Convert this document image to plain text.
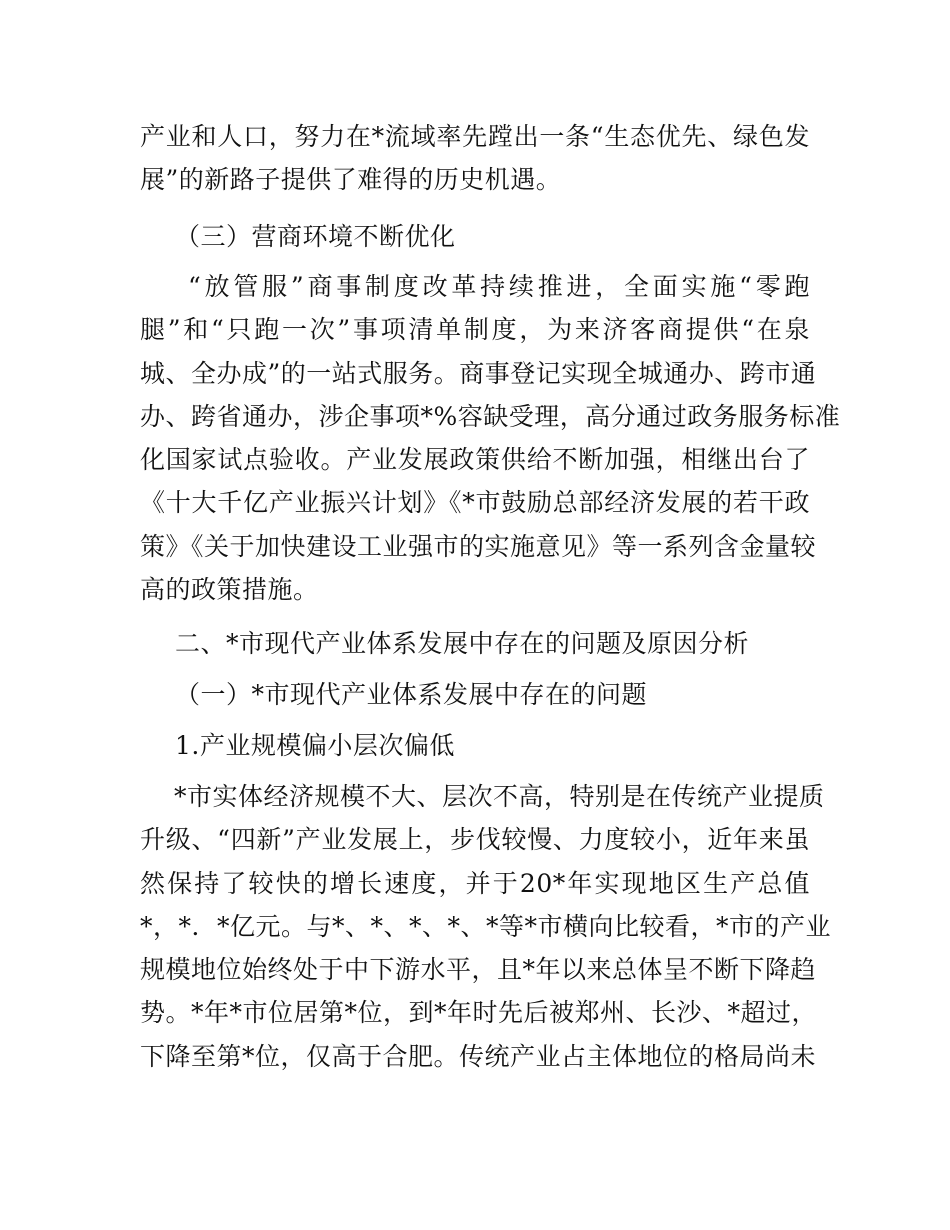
产业和人口，努力在*流域率先蹚出一条“生态优先、绿色发
展”的新路子提供了难得的历史机遇。

（三）营商环境不断优化

“放管服”商事制度改革持续推进，全面实施“零跑
腿”和“只跑一次”事项清单制度，为来济客商提供“在泉
城、全办成”的一站式服务。商事登记实现全城通办、跨市通
办、跨省通办，涉企事项*%容缺受理，高分通过政务服务标准
化国家试点验收。产业发展政策供给不断加强，相继出台了
《十大千亿产业振兴计划》《*市鼓励总部经济发展的若干政
策》《关于加快建设工业强市的实施意见》等一系列含金量较
高的政策措施。

二、*市现代产业体系发展中存在的问题及原因分析
（一）*市现代产业体系发展中存在的问题
1.产业规模偏小层次偏低

*市实体经济规模不大、层次不高，特别是在传统产业提质
升级、“四新”产业发展上，步伐较慢、力度较小，近年来虽
然保持了较快的增长速度，并于20*年实现地区生产总值
*，*．*亿元。与*、*、*、*、*等*市横向比较看，*市的产业
规模地位始终处于中下游水平，且*年以来总体呈不断下降趋
势。*年*市位居第*位，到*年时先后被郑州、长沙、*超过，
下降至第*位，仅高于合肥。传统产业占主体地位的格局尚未
